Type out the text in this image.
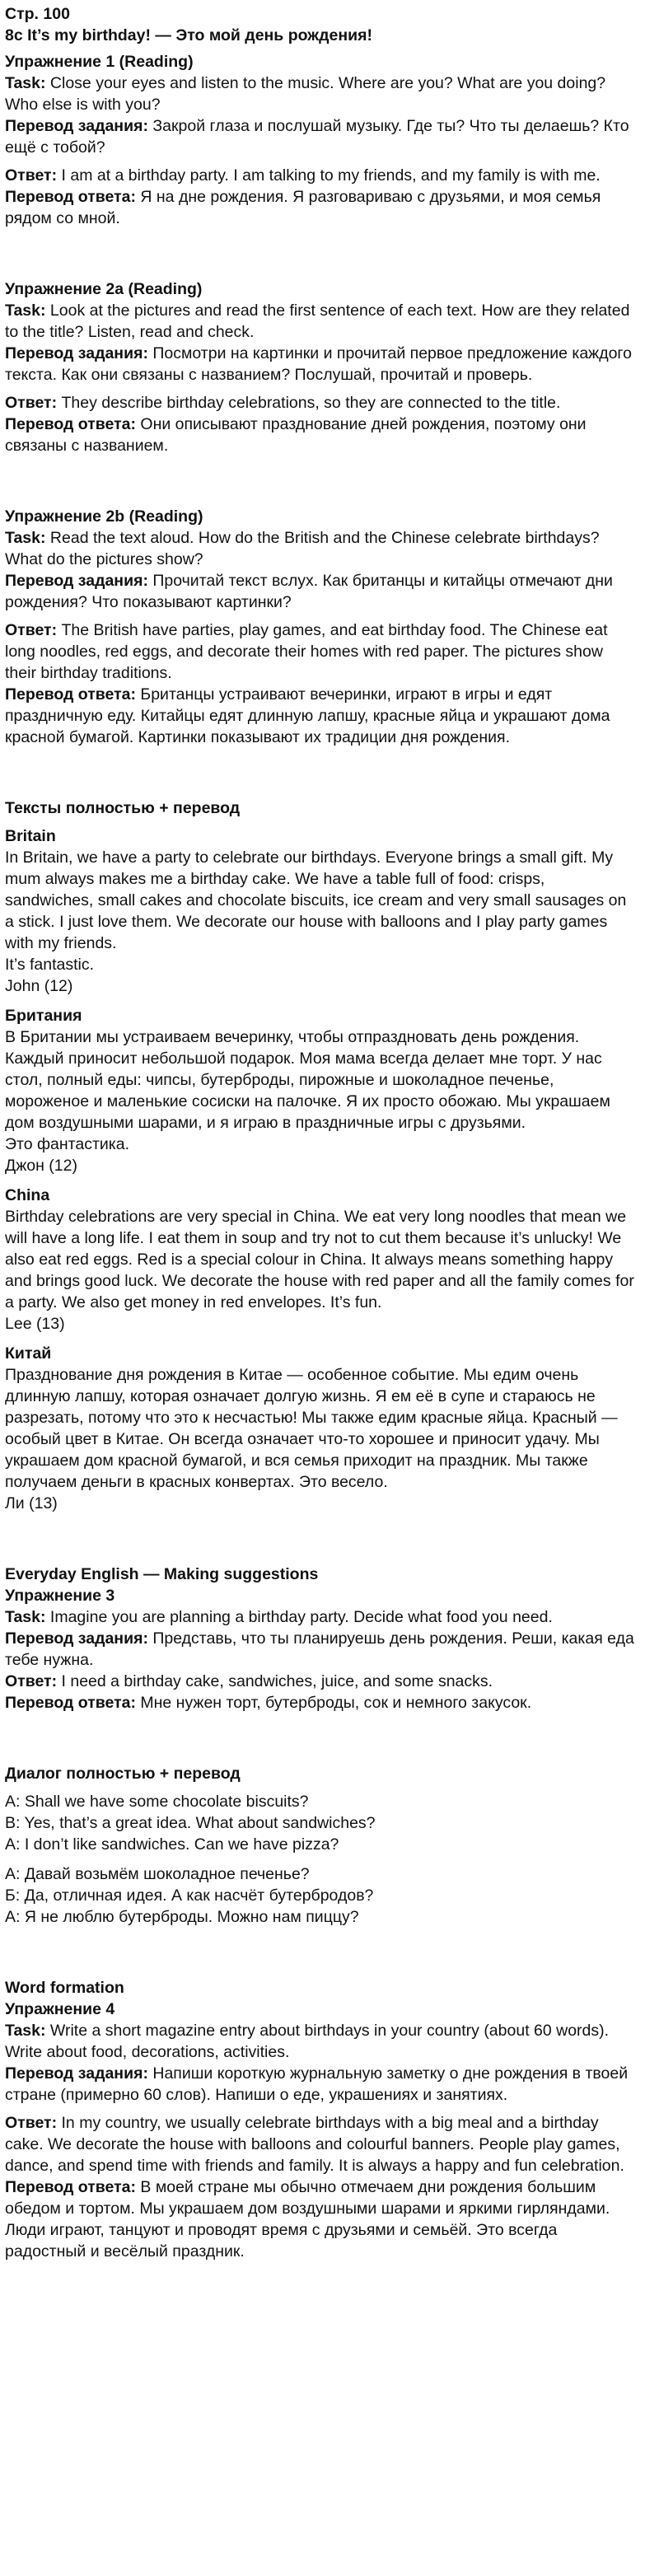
Стр. 100

8c It’s my birthday! — Это мой день рождения!

Упражнение 1 (Reading)

Task: Close your eyes and listen to the music. Where are you? What are you doing? Who else is with you?

Перевод задания: Закрой глаза и послушай музыку. Где ты? Что ты делаешь? Кто ещё с тобой?

Ответ: I am at a birthday party. I am talking to my friends, and my family is with me.

Перевод ответа: Я на дне рождения. Я разговариваю с друзьями, и моя семья рядом со мной.

Упражнение 2a (Reading)

Task: Look at the pictures and read the first sentence of each text. How are they related to the title? Listen, read and check.

Перевод задания: Посмотри на картинки и прочитай первое предложение каждого текста. Как они связаны с названием? Послушай, прочитай и проверь.

Ответ: They describe birthday celebrations, so they are connected to the title.

Перевод ответа: Они описывают празднование дней рождения, поэтому они связаны с названием.

Упражнение 2b (Reading)

Task: Read the text aloud. How do the British and the Chinese celebrate birthdays? What do the pictures show?

Перевод задания: Прочитай текст вслух. Как британцы и китайцы отмечают дни рождения? Что показывают картинки?

Ответ: The British have parties, play games, and eat birthday food. The Chinese eat long noodles, red eggs, and decorate their homes with red paper. The pictures show their birthday traditions.

Перевод ответа: Британцы устраивают вечеринки, играют в игры и едят праздничную еду. Китайцы едят длинную лапшу, красные яйца и украшают дома красной бумагой. Картинки показывают их традиции дня рождения.

Тексты полностью + перевод

Britain

In Britain, we have a party to celebrate our birthdays. Everyone brings a small gift. My mum always makes me a birthday cake. We have a table full of food: crisps, sandwiches, small cakes and chocolate biscuits, ice cream and very small sausages on a stick. I just love them. We decorate our house with balloons and I play party games with my friends.

It’s fantastic.

John (12)

Британия

В Британии мы устраиваем вечеринку, чтобы отпраздновать день рождения. Каждый приносит небольшой подарок. Моя мама всегда делает мне торт. У нас стол, полный еды: чипсы, бутерброды, пирожные и шоколадное печенье, мороженое и маленькие сосиски на палочке. Я их просто обожаю. Мы украшаем дом воздушными шарами, и я играю в праздничные игры с друзьями.

Это фантастика.

Джон (12)

China

Birthday celebrations are very special in China. We eat very long noodles that mean we will have a long life. I eat them in soup and try not to cut them because it’s unlucky! We also eat red eggs. Red is a special colour in China. It always means something happy and brings good luck. We decorate the house with red paper and all the family comes for a party. We also get money in red envelopes. It’s fun.

Lee (13)

Китай

Празднование дня рождения в Китае — особенное событие. Мы едим очень длинную лапшу, которая означает долгую жизнь. Я ем её в супе и стараюсь не разрезать, потому что это к несчастью! Мы также едим красные яйца. Красный — особый цвет в Китае. Он всегда означает что-то хорошее и приносит удачу. Мы украшаем дом красной бумагой, и вся семья приходит на праздник. Мы также получаем деньги в красных конвертах. Это весело.

Ли (13)

Everyday English — Making suggestions

Упражнение 3

Task: Imagine you are planning a birthday party. Decide what food you need.

Перевод задания: Представь, что ты планируешь день рождения. Реши, какая еда тебе нужна.

Ответ: I need a birthday cake, sandwiches, juice, and some snacks.

Перевод ответа: Мне нужен торт, бутерброды, сок и немного закусок.

Диалог полностью + перевод

A: Shall we have some chocolate biscuits?

B: Yes, that’s a great idea. What about sandwiches?

A: I don’t like sandwiches. Can we have pizza?

А: Давай возьмём шоколадное печенье?

Б: Да, отличная идея. А как насчёт бутербродов?

А: Я не люблю бутерброды. Можно нам пиццу?

Word formation

Упражнение 4

Task: Write a short magazine entry about birthdays in your country (about 60 words). Write about food, decorations, activities.

Перевод задания: Напиши короткую журнальную заметку о дне рождения в твоей стране (примерно 60 слов). Напиши о еде, украшениях и занятиях.

Ответ: In my country, we usually celebrate birthdays with a big meal and a birthday cake. We decorate the house with balloons and colourful banners. People play games, dance, and spend time with friends and family. It is always a happy and fun celebration.

Перевод ответа: В моей стране мы обычно отмечаем дни рождения большим обедом и тортом. Мы украшаем дом воздушными шарами и яркими гирляндами. Люди играют, танцуют и проводят время с друзьями и семьёй. Это всегда радостный и весёлый праздник.
